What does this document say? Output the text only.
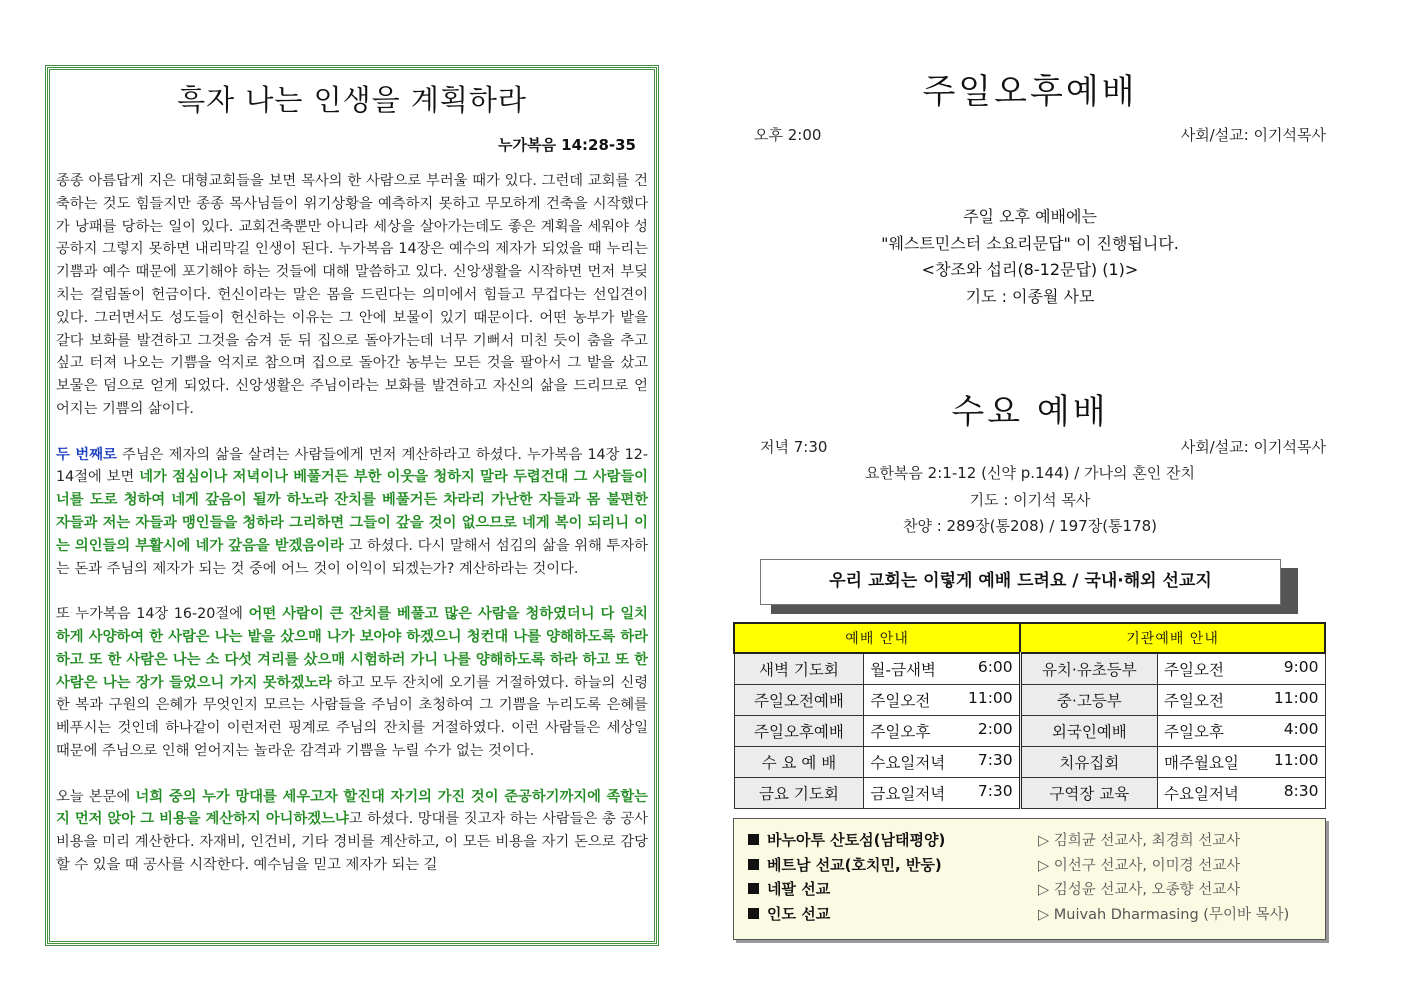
흑자 나는 인생을 계획하라
누가복음 14:28-35

종종 아름답게 지은 대형교회들을 보면 목사의 한 사람으로 부러울 때가 있다. 그런데 교회를 건축하는 것도 힘들지만 종종 목사님들이 위기상황을 예측하지 못하고 무모하게 건축을 시작했다가 낭패를 당하는 일이 있다. 교회건축뿐만 아니라 세상을 살아가는데도 좋은 계획을 세워야 성공하지 그렇지 못하면 내리막길 인생이 된다. 누가복음 14장은 예수의 제자가 되었을 때 누리는 기쁨과 예수 때문에 포기해야 하는 것들에 대해 말씀하고 있다. 신앙생활을 시작하면 먼저 부딪치는 걸림돌이 헌금이다. 헌신이라는 말은 몸을 드린다는 의미에서 힘들고 무겁다는 선입견이 있다. 그러면서도 성도들이 헌신하는 이유는 그 안에 보물이 있기 때문이다. 어떤 농부가 밭을 갈다 보화를 발견하고 그것을 숨겨 둔 뒤 집으로 돌아가는데 너무 기뻐서 미친 듯이 춤을 추고 싶고 터져 나오는 기쁨을 억지로 참으며 집으로 돌아간 농부는 모든 것을 팔아서 그 밭을 샀고 보물은 덤으로 얻게 되었다. 신앙생활은 주님이라는 보화를 발견하고 자신의 삶을 드리므로 얻어지는 기쁨의 삶이다.

두 번째로 주님은 제자의 삶을 살려는 사람들에게 먼저 계산하라고 하셨다. 누가복음 14장 12-14절에 보면 네가 점심이나 저녁이나 베풀거든 부한 이웃을 청하지 말라 두렵건대 그 사람들이 너를 도로 청하여 네게 갚음이 될까 하노라 잔치를 베풀거든 차라리 가난한 자들과 몸 불편한 자들과 저는 자들과 맹인들을 청하라 그리하면 그들이 갚을 것이 없으므로 네게 복이 되리니 이는 의인들의 부활시에 네가 갚음을 받겠음이라 고 하셨다. 다시 말해서 섬김의 삶을 위해 투자하는 돈과 주님의 제자가 되는 것 중에 어느 것이 이익이 되겠는가? 계산하라는 것이다.

또 누가복음 14장 16-20절에 어떤 사람이 큰 잔치를 베풀고 많은 사람을 청하였더니 다 일치하게 사양하여 한 사람은 나는 밭을 샀으매 나가 보아야 하겠으니 청컨대 나를 양해하도록 하라 하고 또 한 사람은 나는 소 다섯 겨리를 샀으매 시험하러 가니 나를 양해하도록 하라 하고 또 한 사람은 나는 장가 들었으니 가지 못하겠노라 하고 모두 잔치에 오기를 거절하였다. 하늘의 신령한 복과 구원의 은혜가 무엇인지 모르는 사람들을 주님이 초청하여 그 기쁨을 누리도록 은혜를 베푸시는 것인데 하나같이 이런저런 핑계로 주님의 잔치를 거절하였다. 이런 사람들은 세상일 때문에 주님으로 인해 얻어지는 놀라운 감격과 기쁨을 누릴 수가 없는 것이다.

오늘 본문에 너희 중의 누가 망대를 세우고자 할진대 자기의 가진 것이 준공하기까지에 족할는지 먼저 앉아 그 비용을 계산하지 아니하겠느냐고 하셨다. 망대를 짓고자 하는 사람들은 총 공사 비용을 미리 계산한다. 자재비, 인건비, 기타 경비를 계산하고, 이 모든 비용을 자기 돈으로 감당할 수 있을 때 공사를 시작한다. 예수님을 믿고 제자가 되는 길

주일오후예배
오후 2:00	사회/설교: 이기석목사
주일 오후 예배에는
"웨스트민스터 소요리문답" 이 진행됩니다.
<창조와 섭리(8-12문답) (1)>
기도 : 이종월 사모
수요 예배
저녁 7:30	사회/설교: 이기석목사
요한복음 2:1-12 (신약 p.144) / 가나의 혼인 잔치
기도 : 이기석 목사
찬양 : 289장(통208) / 197장(통178)
우리 교회는 이렇게 예배 드려요 / 국내·해외 선교지
예배 안내		기관예배 안내	
새벽 기도회	월-금새벽 6:00	유치·유초등부	주일오전 9:00

주일오전예배	주일오전 11:00	중·고등부	주일오전 11:00

주일오후예배	주일오후 2:00	외국인예배	주일오후 4:00

수 요 예 배	수요일저녁 7:30	치유집회	매주월요일 11:00

금요 기도회	금요일저녁 7:30	구역장 교육	수요일저녁 8:30
바누아투 산토섬(남태평양)	▷ 김희균 선교사, 최경희 선교사
베트남 선교(호치민, 반둥)	▷ 이선구 선교사, 이미경 선교사
네팔 선교	▷ 김성윤 선교사, 오종향 선교사
인도 선교	▷ Muivah Dharmasing (무이바 목사)
